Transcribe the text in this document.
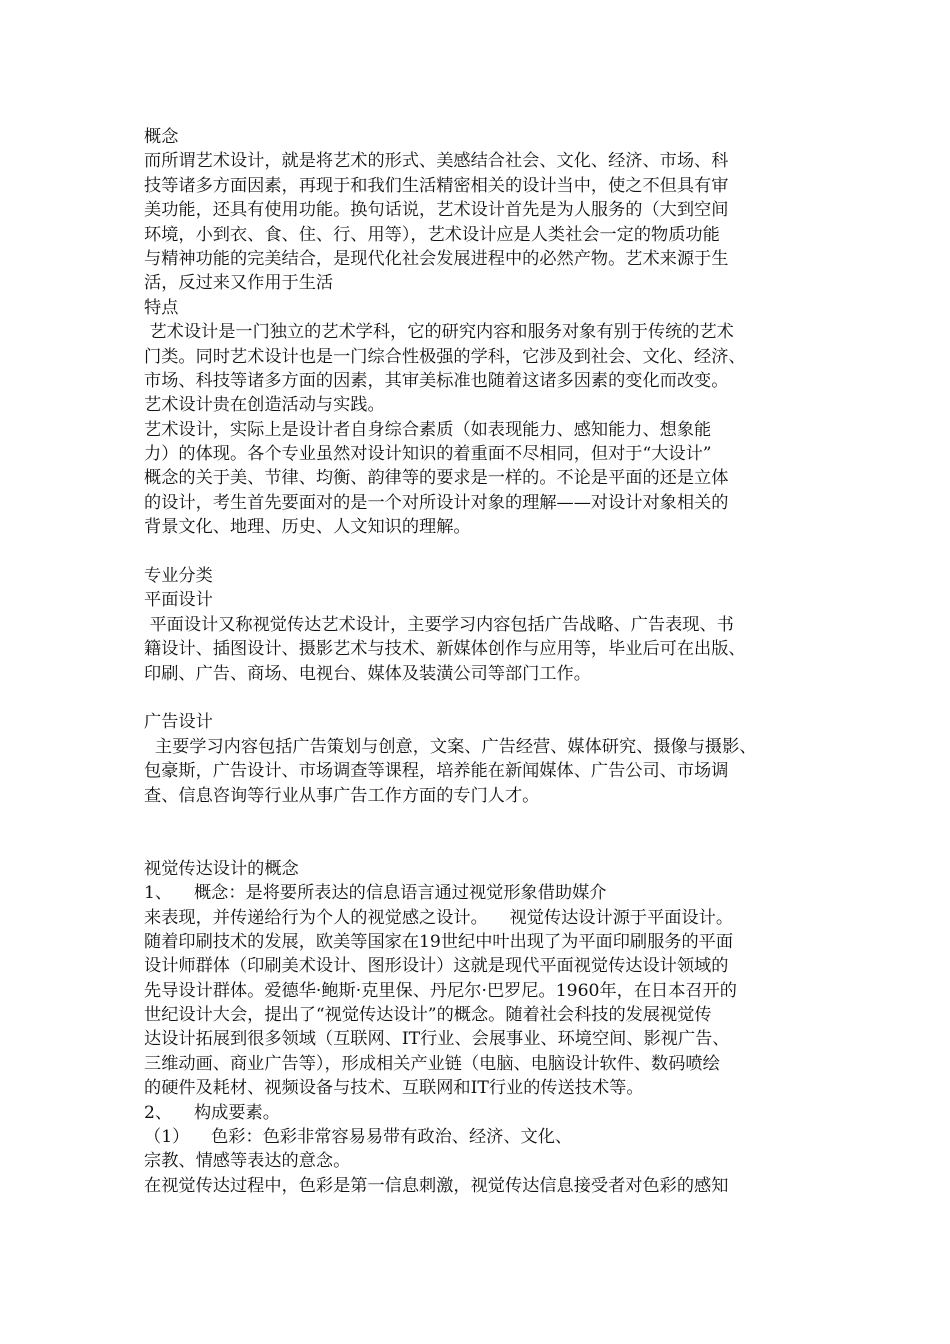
概念
而所谓艺术设计，就是将艺术的形式、美感结合社会、文化、经济、市场、科
技等诸多方面因素，再现于和我们生活精密相关的设计当中，使之不但具有审
美功能，还具有使用功能。换句话说，艺术设计首先是为人服务的（大到空间
环境，小到衣、食、住、行、用等），艺术设计应是人类社会一定的物质功能
与精神功能的完美结合，是现代化社会发展进程中的必然产物。艺术来源于生
活，反过来又作用于生活
特点
艺术设计是一门独立的艺术学科，它的研究内容和服务对象有别于传统的艺术
门类。同时艺术设计也是一门综合性极强的学科，它涉及到社会、文化、经济、
市场、科技等诸多方面的因素，其审美标准也随着这诸多因素的变化而改变。
艺术设计贵在创造活动与实践。
艺术设计，实际上是设计者自身综合素质（如表现能力、感知能力、想象能
力）的体现。各个专业虽然对设计知识的着重面不尽相同，但对于“大设计”
概念的关于美、节律、均衡、韵律等的要求是一样的。不论是平面的还是立体
的设计，考生首先要面对的是一个对所设计对象的理解——对设计对象相关的
背景文化、地理、历史、人文知识的理解。
专业分类
平面设计
平面设计又称视觉传达艺术设计，主要学习内容包括广告战略、广告表现、书
籍设计、插图设计、摄影艺术与技术、新媒体创作与应用等，毕业后可在出版、
印刷、广告、商场、电视台、媒体及装潢公司等部门工作。
广告设计
主要学习内容包括广告策划与创意，文案、广告经营、媒体研究、摄像与摄影、
包豪斯，广告设计、市场调查等课程，培养能在新闻媒体、广告公司、市场调
查、信息咨询等行业从事广告工作方面的专门人才。
视觉传达设计的概念
1、    概念：是将要所表达的信息语言通过视觉形象借助媒介
来表现，并传递给行为个人的视觉感之设计。    视觉传达设计源于平面设计。
随着印刷技术的发展，欧美等国家在19世纪中叶出现了为平面印刷服务的平面
设计师群体（印刷美术设计、图形设计）这就是现代平面视觉传达设计领域的
先导设计群体。爱德华·鲍斯·克里保、丹尼尔·巴罗尼。1960年，在日本召开的
世纪设计大会，提出了“视觉传达设计”的概念。随着社会科技的发展视觉传
达设计拓展到很多领域（互联网、IT行业、会展事业、环境空间、影视广告、
三维动画、商业广告等），形成相关产业链（电脑、电脑设计软件、数码喷绘
的硬件及耗材、视频设备与技术、互联网和IT行业的传送技术等。
2、    构成要素。
（1）    色彩：色彩非常容易易带有政治、经济、文化、
宗教、情感等表达的意念。
在视觉传达过程中，色彩是第一信息刺激，视觉传达信息接受者对色彩的感知
